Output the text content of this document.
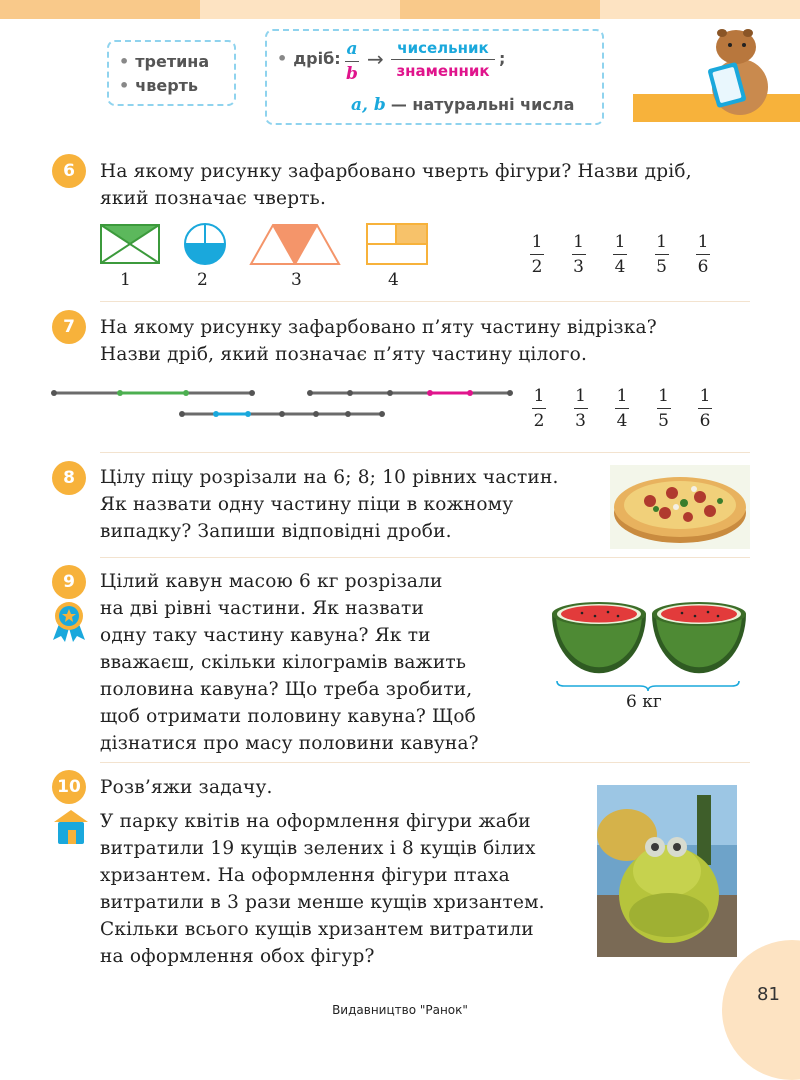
• третина
• чверть
• дріб: $\frac{a}{b}$ → чисельник
знаменник
;
a, b — натуральні числа
6	На якому рисунку зафарбовано чверть фігури? Назви дріб,
який позначає чверть.
1	2	3	4
$\frac{1}{2} \frac{1}{3} \frac{1}{4} \frac{1}{5} \frac{1}{6}$
7	На якому рисунку зафарбовано п’яту частину відрізка?
Назви дріб, який позначає п’яту частину цілого.
$\frac{1}{2} \frac{1}{3} \frac{1}{4} \frac{1}{5} \frac{1}{6}$
8	Цілу піцу розрізали на 6; 8; 10 рівних частин.
Як назвати одну частину піци в кожному
випадку? Запиши відповідні дроби.
9	Цілий кавун масою 6 кг розрізали
на дві рівні частини. Як назвати
одну таку частину кавуна? Як ти
вважаєш, скільки кілограмів важить
половина кавуна? Що треба зробити,
щоб отримати половину кавуна? Щоб
дізнатися про масу половини кавуна?
6 кг
10 Розв’яжи задачу.
У парку квітів на оформлення фігури жаби
витратили 19 кущів зелених і 8 кущів білих
хризантем. На оформлення фігури птаха
витратили в 3 рази менше кущів хризантем.
Скільки всього кущів хризантем витратили
на оформлення обох фігур?
81
Видавництво "Ранок"
